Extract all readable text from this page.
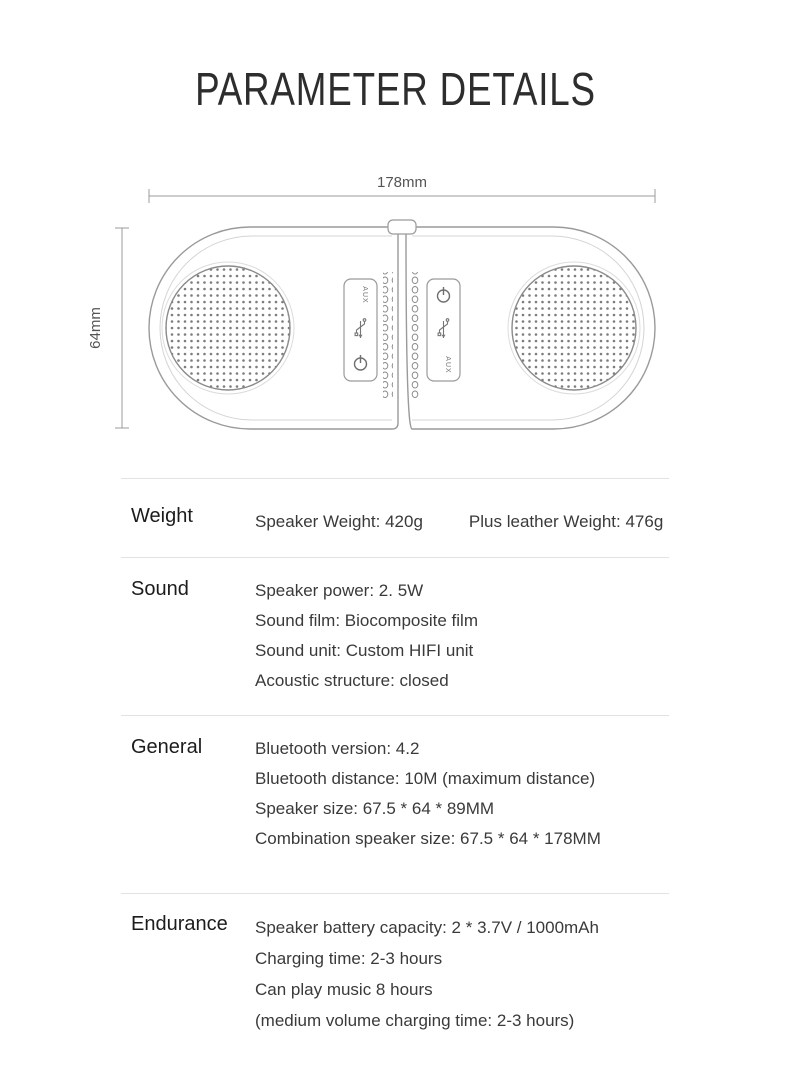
PARAMETER DETAILS
178mm
64mm
AUX
AUX
Weight	Speaker Weight: 420g	Plus leather Weight: 476g
Sound	Speaker power: 2. 5W
Sound film: Biocomposite film
Sound unit: Custom HIFI unit
Acoustic structure: closed
General	Bluetooth version: 4.2
Bluetooth distance: 10M (maximum distance)
Speaker size: 67.5 * 64 * 89MM
Combination speaker size: 67.5 * 64 * 178MM
Endurance Speaker battery capacity: 2 * 3.7V / 1000mAh
Charging time: 2-3 hours
Can play music 8 hours
(medium volume charging time: 2-3 hours)
